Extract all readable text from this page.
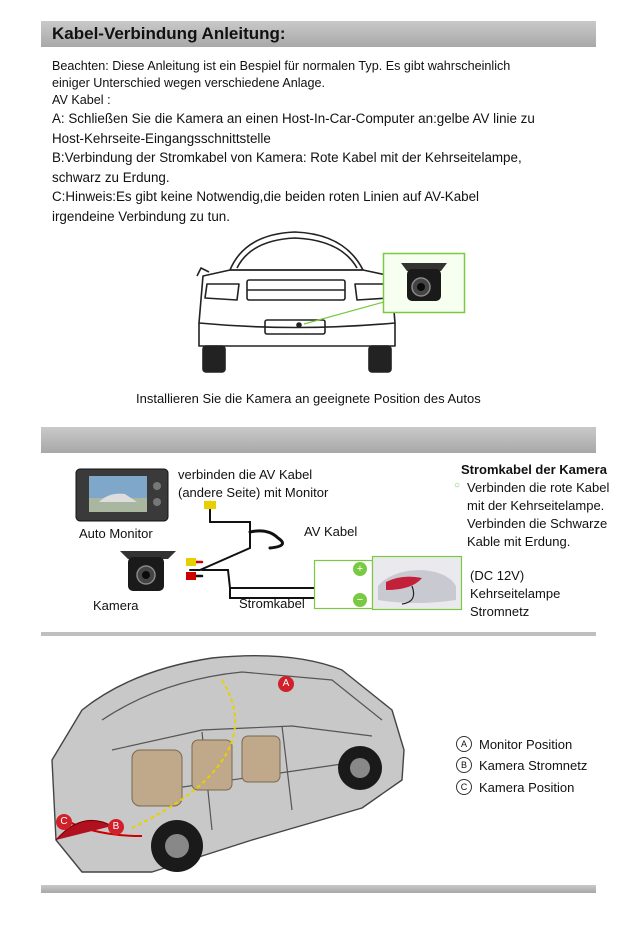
Kabel-Verbindung Anleitung:
Beachten: Diese Anleitung ist ein Bespiel für normalen Typ. Es gibt wahrscheinlich
einiger Unterschied wegen verschiedene Anlage.
AV Kabel :
A: Schließen Sie die Kamera an einen Host-In-Car-Computer an:gelbe AV linie zu
Host-Kehrseite-Eingangsschnittstelle
B:Verbindung der Stromkabel von Kamera: Rote Kabel mit der Kehrseitelampe,
schwarz zu Erdung.
C:Hinweis:Es gibt keine Notwendig,die beiden roten Linien auf AV-Kabel
irgendeine Verbindung zu tun.
Installieren Sie die Kamera an geeignete Position des Autos
verbinden die AV Kabel
(andere Seite) mit Monitor
Auto Monitor	AV Kabel
Kamera	Stromkabel
+
−
Stromkabel der Kamera
Verbinden die rote Kabel
mit der Kehrseitelampe.
Verbinden die Schwarze
Kable mit Erdung.
○
(DC 12V)
Kehrseitelampe
Stromnetz
A
B
C
A Monitor Position
B Kamera Stromnetz
C Kamera Position
